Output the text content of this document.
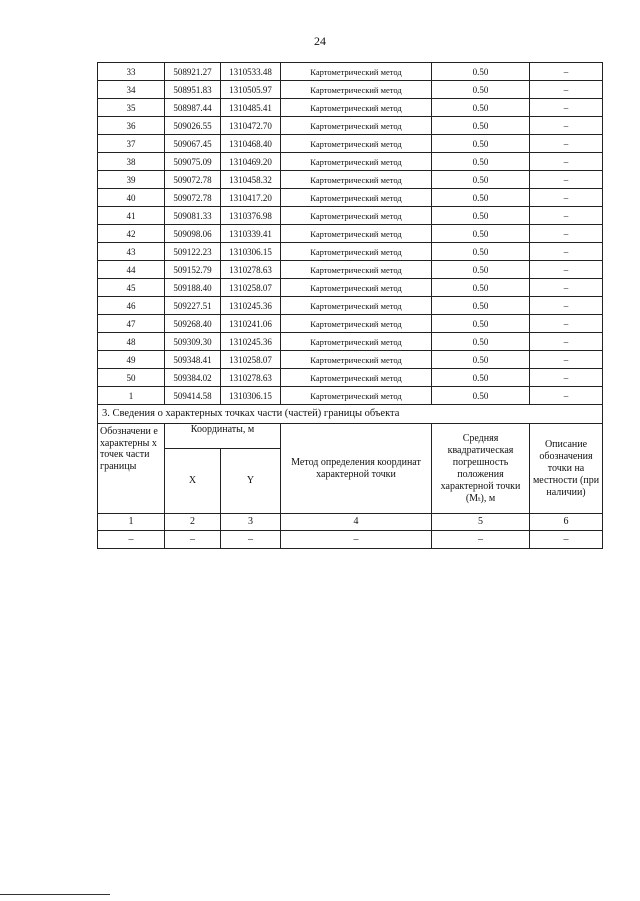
24
33	508921.27	1310533.48	Картометрический метод	0.50	–
34	508951.83	1310505.97	Картометрический метод	0.50	–
35	508987.44	1310485.41	Картометрический метод	0.50	–
36	509026.55	1310472.70	Картометрический метод	0.50	–
37	509067.45	1310468.40	Картометрический метод	0.50	–
38	509075.09	1310469.20	Картометрический метод	0.50	–
39	509072.78	1310458.32	Картометрический метод	0.50	–
40	509072.78	1310417.20	Картометрический метод	0.50	–
41	509081.33	1310376.98	Картометрический метод	0.50	–
42	509098.06	1310339.41	Картометрический метод	0.50	–
43	509122.23	1310306.15	Картометрический метод	0.50	–
44	509152.79	1310278.63	Картометрический метод	0.50	–
45	509188.40	1310258.07	Картометрический метод	0.50	–
46	509227.51	1310245.36	Картометрический метод	0.50	–
47	509268.40	1310241.06	Картометрический метод	0.50	–
48	509309.30	1310245.36	Картометрический метод	0.50	–
49	509348.41	1310258.07	Картометрический метод	0.50	–
50	509384.02	1310278.63	Картометрический метод	0.50	–
1	509414.58	1310306.15	Картометрический метод	0.50	–
3. Сведения о характерных точках части (частей) границы объекта					
Обозначени е характерны х точек части границы	Координаты, м		Метод определения координат характерной точки	Средняя квадратическая погрешность положения характерной точки (Mₜ), м	Описание обозначения точки на местности (при наличии)
	X	Y			
1	2	3	4	5	6
–	–	–	–	–	–
